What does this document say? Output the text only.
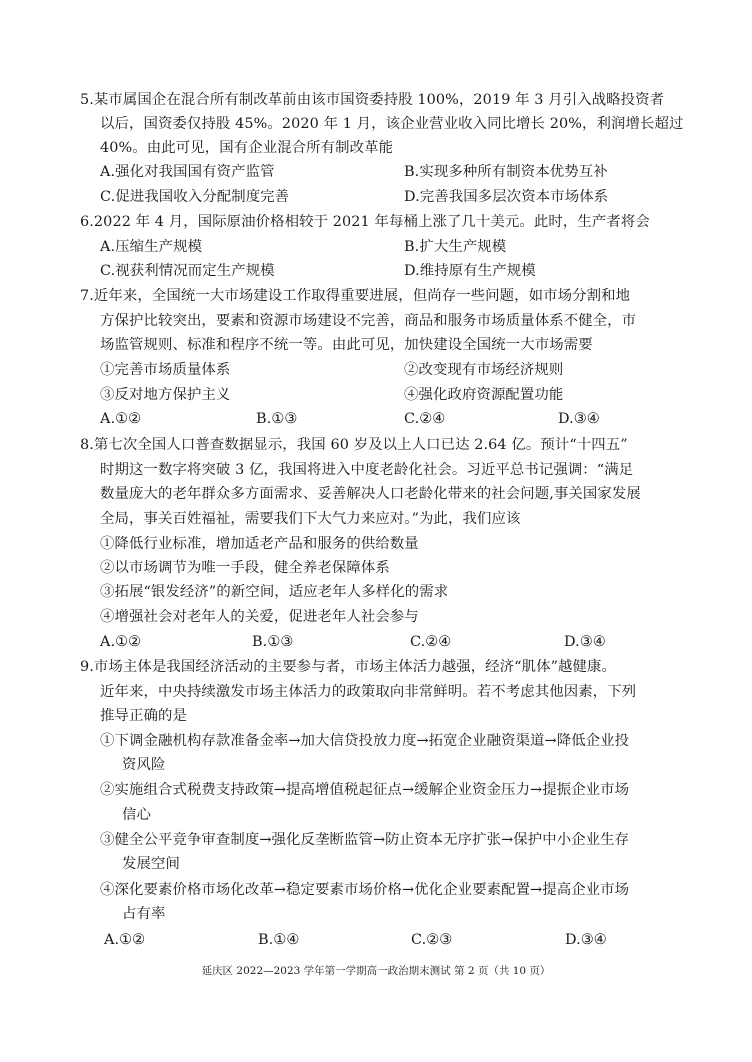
5.某市属国企在混合所有制改革前由该市国资委持股 100%，2019 年 3 月引入战略投资者
以后，国资委仅持股 45%。2020 年 1 月，该企业营业收入同比增长 20%，利润增长超过
40%。由此可见，国有企业混合所有制改革能
A.强化对我国国有资产监管	B.实现多种所有制资本优势互补
C.促进我国收入分配制度完善	D.完善我国多层次资本市场体系
6.2022 年 4 月，国际原油价格相较于 2021 年每桶上涨了几十美元。此时，生产者将会
A.压缩生产规模	B.扩大生产规模
C.视获利情况而定生产规模	D.维持原有生产规模
7.近年来，全国统一大市场建设工作取得重要进展，但尚存一些问题，如市场分割和地
方保护比较突出，要素和资源市场建设不完善，商品和服务市场质量体系不健全，市
场监管规则、标准和程序不统一等。由此可见，加快建设全国统一大市场需要
①完善市场质量体系	②改变现有市场经济规则
③反对地方保护主义	④强化政府资源配置功能
A.①②	B.①③	C.②④	D.③④
8.第七次全国人口普查数据显示，我国 60 岁及以上人口已达 2.64 亿。预计“十四五”
时期这一数字将突破 3 亿，我国将进入中度老龄化社会。习近平总书记强调：“满足
数量庞大的老年群众多方面需求、妥善解决人口老龄化带来的社会问题,事关国家发展
全局，事关百姓福祉，需要我们下大气力来应对。”为此，我们应该
①降低行业标准，增加适老产品和服务的供给数量
②以市场调节为唯一手段，健全养老保障体系
③拓展“银发经济”的新空间，适应老年人多样化的需求
④增强社会对老年人的关爱，促进老年人社会参与
A.①②	B.①③	C.②④	D.③④
9.市场主体是我国经济活动的主要参与者，市场主体活力越强，经济“肌体”越健康。
近年来，中央持续激发市场主体活力的政策取向非常鲜明。若不考虑其他因素，下列
推导正确的是
①下调金融机构存款准备金率→加大信贷投放力度→拓宽企业融资渠道→降低企业投
资风险
②实施组合式税费支持政策→提高增值税起征点→缓解企业资金压力→提振企业市场
信心
③健全公平竞争审查制度→强化反垄断监管→防止资本无序扩张→保护中小企业生存
发展空间
④深化要素价格市场化改革→稳定要素市场价格→优化企业要素配置→提高企业市场
占有率
A.①②	B.①④	C.②③	D.③④
延庆区 2022—2023 学年第一学期高一政治期末测试 第 2 页（共 10 页）
